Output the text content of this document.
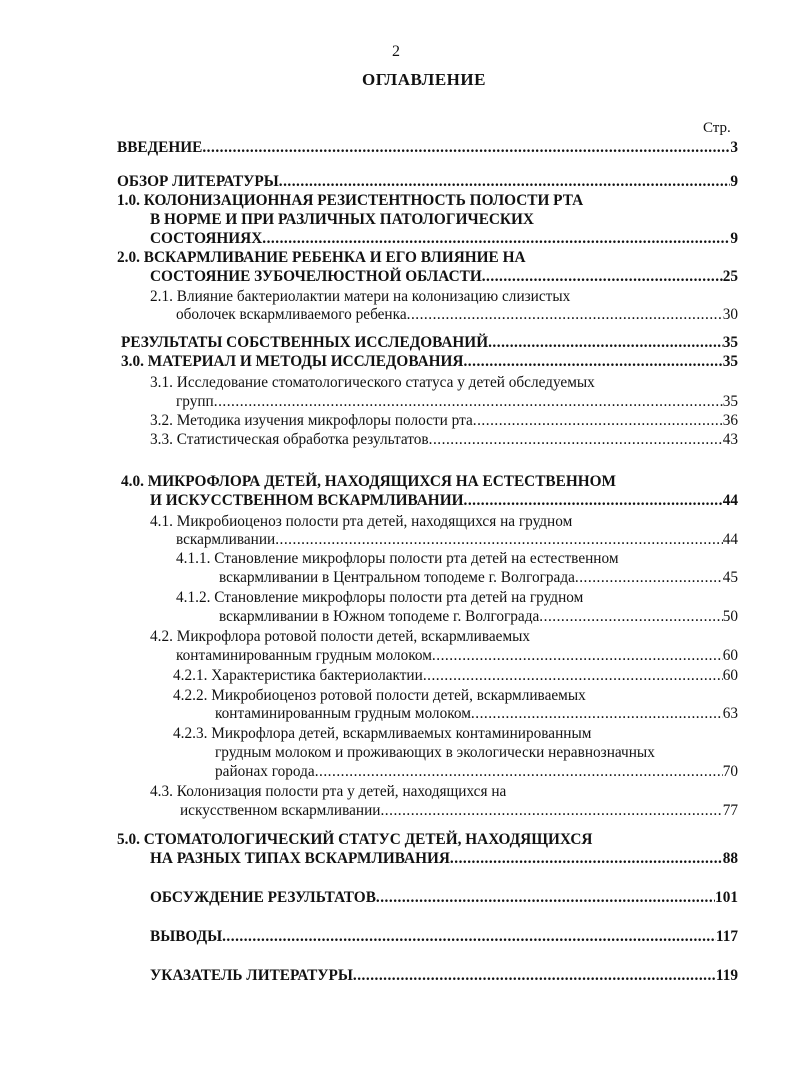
2
ОГЛАВЛЕНИЕ
Стр.
ВВЕДЕНИЕ .....	3
ОБЗОР ЛИТЕРАТУРЫ .....	9
1.0. КОЛОНИЗАЦИОННАЯ РЕЗИСТЕНТНОСТЬ ПОЛОСТИ РТА
В НОРМЕ И ПРИ РАЗЛИЧНЫХ ПАТОЛОГИЧЕСКИХ
СОСТОЯНИЯХ .....	9
2.0. ВСКАРМЛИВАНИЕ РЕБЕНКА И ЕГО ВЛИЯНИЕ НА
СОСТОЯНИЕ ЗУБОЧЕЛЮСТНОЙ ОБЛАСТИ .....	25
2.1. Влияние бактериолактии матери на колонизацию слизистых
оболочек вскармливаемого ребенка .....	30
РЕЗУЛЬТАТЫ СОБСТВЕННЫХ ИССЛЕДОВАНИЙ .....	35
3.0. МАТЕРИАЛ И МЕТОДЫ ИССЛЕДОВАНИЯ .....	35
3.1. Исследование стоматологического статуса у детей обследуемых
групп .....	35
3.2. Методика изучения микрофлоры полости рта .....	36
3.3. Статистическая обработка результатов .....	43
4.0. МИКРОФЛОРА ДЕТЕЙ, НАХОДЯЩИХСЯ НА ЕСТЕСТВЕННОМ
И ИСКУССТВЕННОМ ВСКАРМЛИВАНИИ .....	44
4.1. Микробиоценоз полости рта детей, находящихся на грудном
вскармливании .....	44
4.1.1. Становление микрофлоры полости рта детей на естественном
вскармливании в Центральном топодеме г. Волгограда .....	45
4.1.2. Становление микрофлоры полости рта детей на грудном
вскармливании в Южном топодеме г. Волгограда .....	50
4.2. Микрофлора ротовой полости детей, вскармливаемых
контаминированным грудным молоком .....	60
4.2.1. Характеристика бактериолактии .....	60
4.2.2. Микробиоценоз ротовой полости детей, вскармливаемых
контаминированным грудным молоком .....	63
4.2.3. Микрофлора детей, вскармливаемых контаминированным
грудным молоком и проживающих в экологически неравнозначных
районах города .....	70
4.3. Колонизация полости рта у детей, находящихся на
искусственном вскармливании .....	77
5.0. СТОМАТОЛОГИЧЕСКИЙ СТАТУС ДЕТЕЙ, НАХОДЯЩИХСЯ
НА РАЗНЫХ ТИПАХ ВСКАРМЛИВАНИЯ .....	88
ОБСУЖДЕНИЕ РЕЗУЛЬТАТОВ .....	101
ВЫВОДЫ .....	117
УКАЗАТЕЛЬ ЛИТЕРАТУРЫ .....	119
